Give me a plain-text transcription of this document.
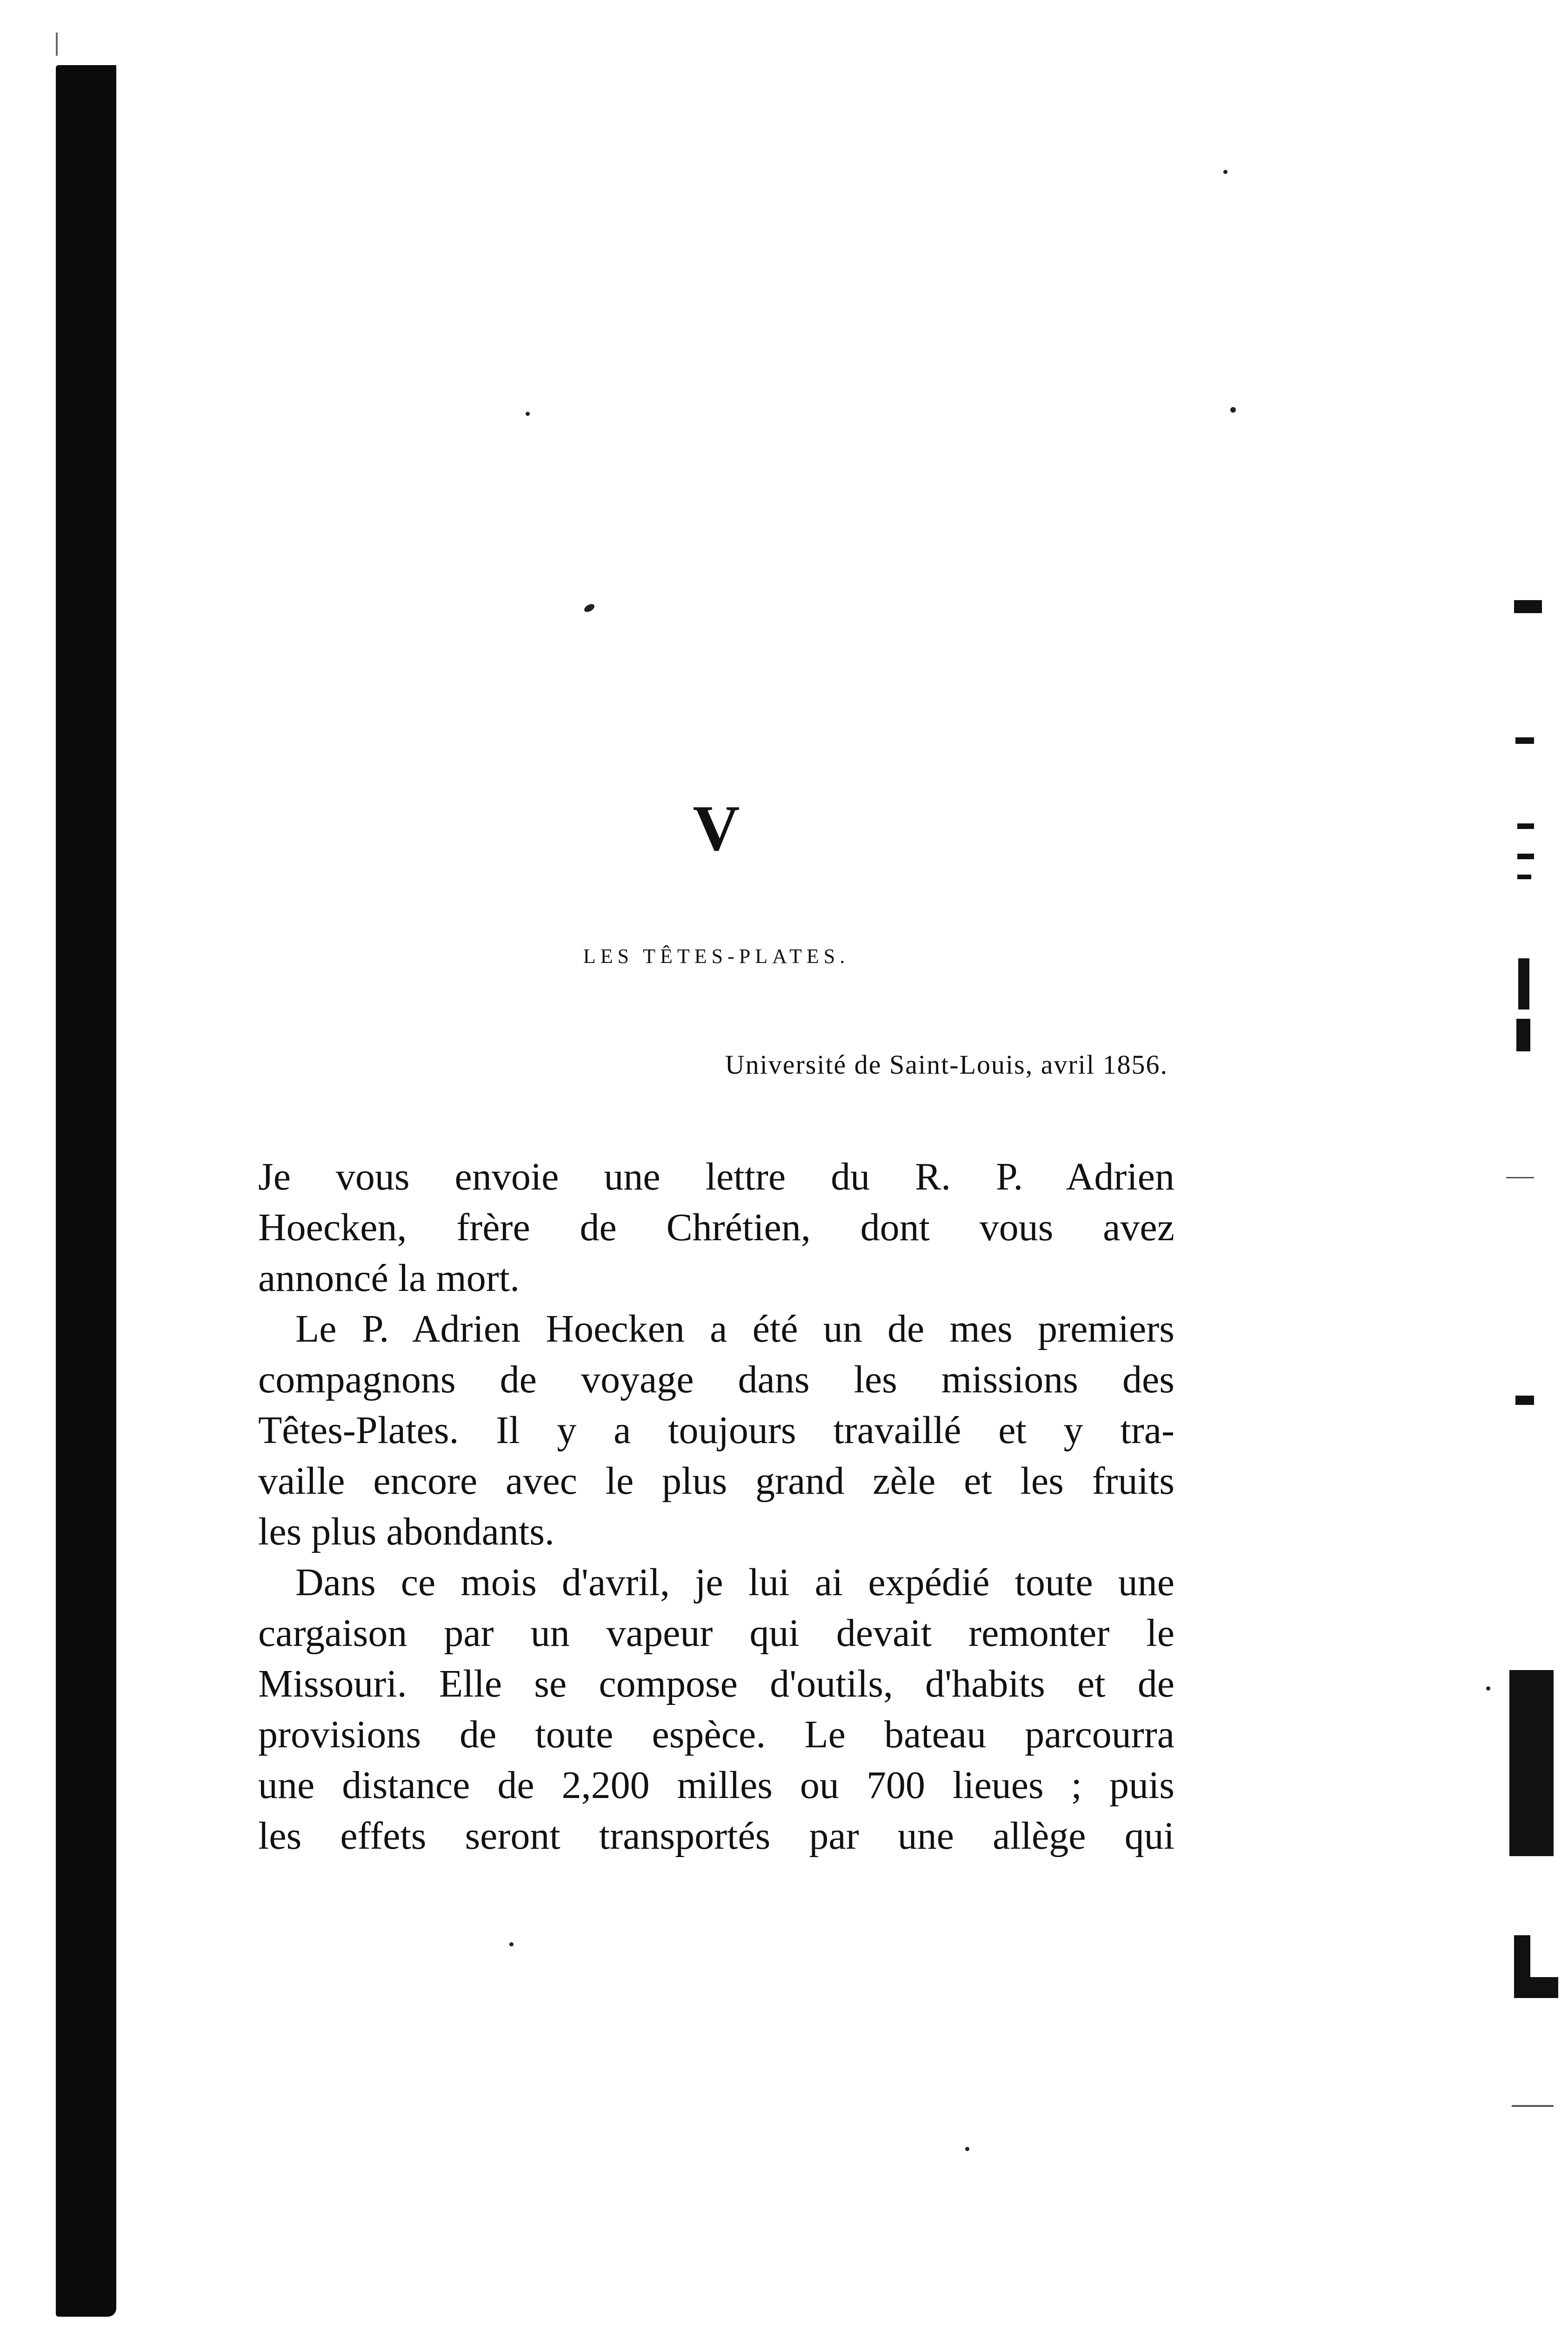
V
LES TÊTES-PLATES.
Université de Saint-Louis, avril 1856.
Je vous envoie une lettre du R. P. Adrien
Hoecken, frère de Chrétien, dont vous avez
annoncé la mort.
Le P. Adrien Hoecken a été un de mes premiers
compagnons de voyage dans les missions des
Têtes-Plates. Il y a toujours travaillé et y tra-
vaille encore avec le plus grand zèle et les fruits
les plus abondants.
Dans ce mois d'avril, je lui ai expédié toute une
cargaison par un vapeur qui devait remonter le
Missouri. Elle se compose d'outils, d'habits et de
provisions de toute espèce. Le bateau parcourra
une distance de 2,200 milles ou 700 lieues ; puis
les effets seront transportés par une allège qui
